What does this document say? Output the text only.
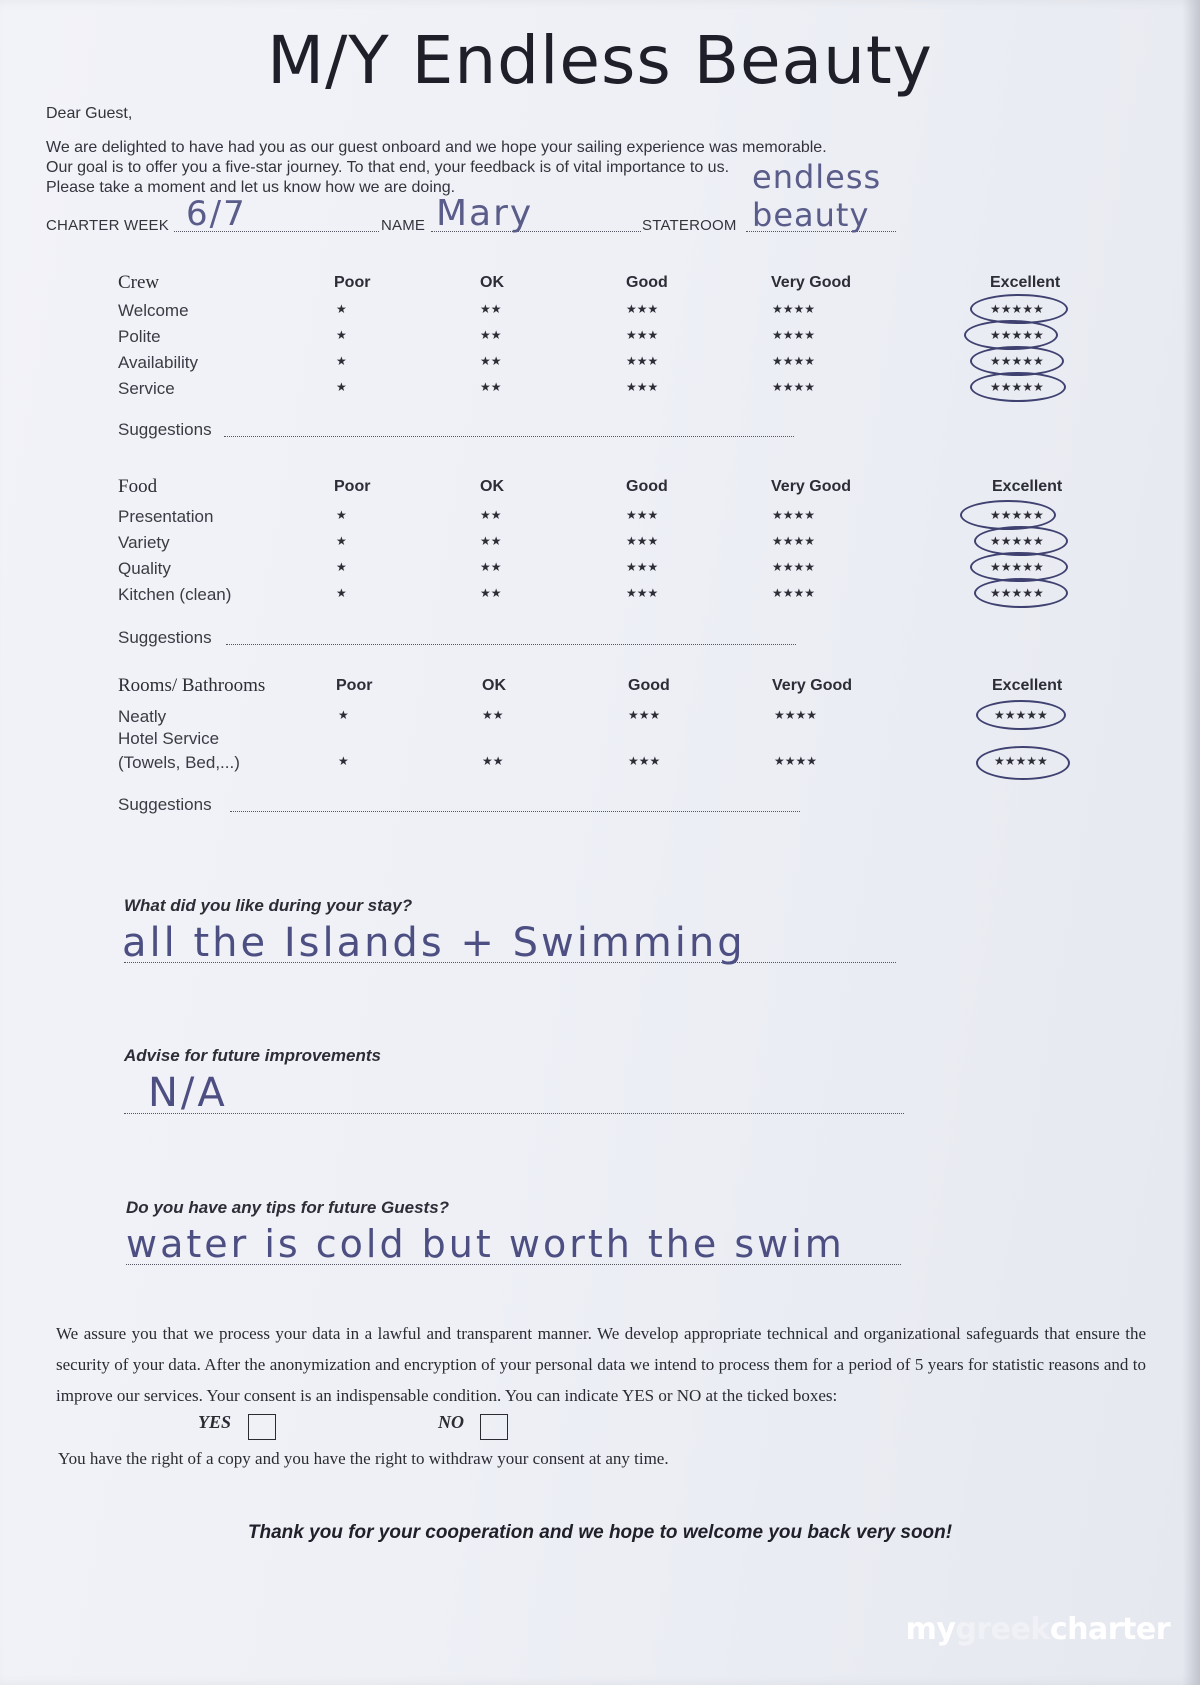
M/Y Endless Beauty
Dear Guest,
We are delighted to have had you as our guest onboard and we hope your sailing experience was memorable.
Our goal is to offer you a five-star journey. To that end, your feedback is of vital importance to us.
Please take a moment and let us know how we are doing.
CHARTER WEEK 6/7	NAME Mary	STATEROOM
endless beauty
Crew	Poor	OK	Good	Very Good	Excellent
Welcome	★	★★	★★★	★★★★	★★★★★
Polite	★	★★	★★★	★★★★	★★★★★
Availability	★	★★	★★★	★★★★	★★★★★
Service	★	★★	★★★	★★★★	★★★★★
Suggestions
Food	Poor	OK	Good	Very Good	Excellent
Presentation	★	★★	★★★	★★★★	★★★★★
Variety	★	★★	★★★	★★★★	★★★★★
Quality	★	★★	★★★	★★★★	★★★★★
Kitchen (clean)	★	★★	★★★	★★★★	★★★★★
Suggestions
Rooms/ Bathrooms	Poor	OK	Good	Very Good	Excellent
Neatly	★	★★	★★★	★★★★	★★★★★
Hotel Service
(Towels, Bed,...)	★	★★	★★★	★★★★	★★★★★
Suggestions
What did you like during your stay?
all the Islands + Swimming
Advise for future improvements
N/A
Do you have any tips for future Guests?
water is cold but worth the swim
We assure you that we process your data in a lawful and transparent manner. We develop appropriate technical and organizational safeguards that ensure the security of your data. After the anonymization and encryption of your personal data we intend to process them for a period of 5 years for statistic reasons and to improve our services. Your consent is an indispensable condition. You can indicate YES or NO at the ticked boxes:
YES	NO
You have the right of a copy and you have the right to withdraw your consent at any time.
Thank you for your cooperation and we hope to welcome you back very soon!
mygreekcharter
